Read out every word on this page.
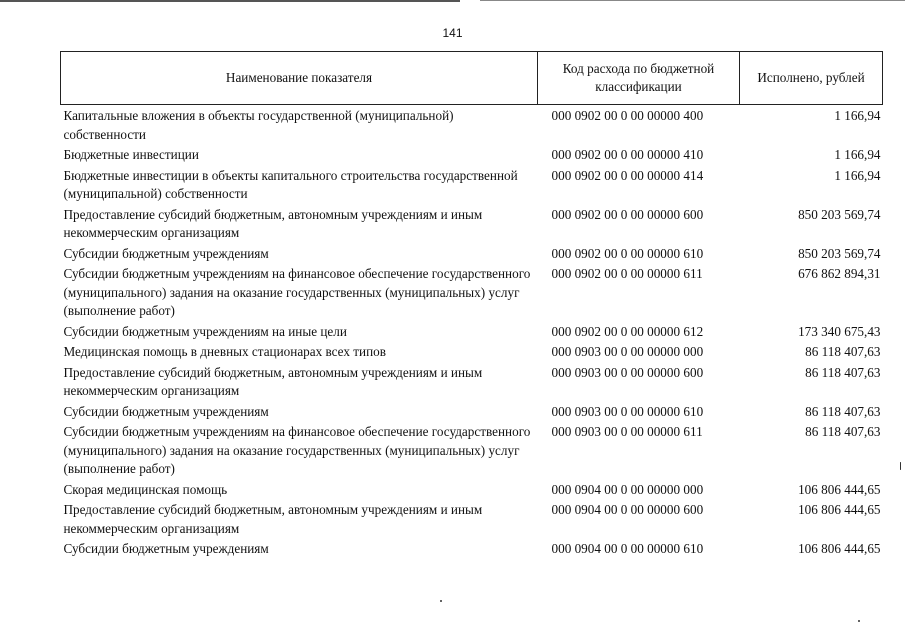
141
Наименование показателя	Код расхода по бюджетной классификации	Исполнено, рублей
Капитальные вложения в объекты государственной (муниципальной) собственности	000 0902 00 0 00 00000 400	1 166,94
Бюджетные инвестиции	000 0902 00 0 00 00000 410	1 166,94
Бюджетные инвестиции в объекты капитального строительства государственной (муниципальной) собственности	000 0902 00 0 00 00000 414	1 166,94
Предоставление субсидий бюджетным, автономным учреждениям и иным некоммерческим организациям	000 0902 00 0 00 00000 600	850 203 569,74
Субсидии бюджетным учреждениям	000 0902 00 0 00 00000 610	850 203 569,74
Субсидии бюджетным учреждениям на финансовое обеспечение государственного (муниципального) задания на оказание государственных (муниципальных) услуг (выполнение работ)	000 0902 00 0 00 00000 611	676 862 894,31
Субсидии бюджетным учреждениям на иные цели	000 0902 00 0 00 00000 612	173 340 675,43
Медицинская помощь в дневных стационарах всех типов	000 0903 00 0 00 00000 000	86 118 407,63
Предоставление субсидий бюджетным, автономным учреждениям и иным некоммерческим организациям	000 0903 00 0 00 00000 600	86 118 407,63
Субсидии бюджетным учреждениям	000 0903 00 0 00 00000 610	86 118 407,63
Субсидии бюджетным учреждениям на финансовое обеспечение государственного (муниципального) задания на оказание государственных (муниципальных) услуг (выполнение работ)	000 0903 00 0 00 00000 611	86 118 407,63
Скорая медицинская помощь	000 0904 00 0 00 00000 000	106 806 444,65
Предоставление субсидий бюджетным, автономным учреждениям и иным некоммерческим организациям	000 0904 00 0 00 00000 600	106 806 444,65
Субсидии бюджетным учреждениям	000 0904 00 0 00 00000 610	106 806 444,65
